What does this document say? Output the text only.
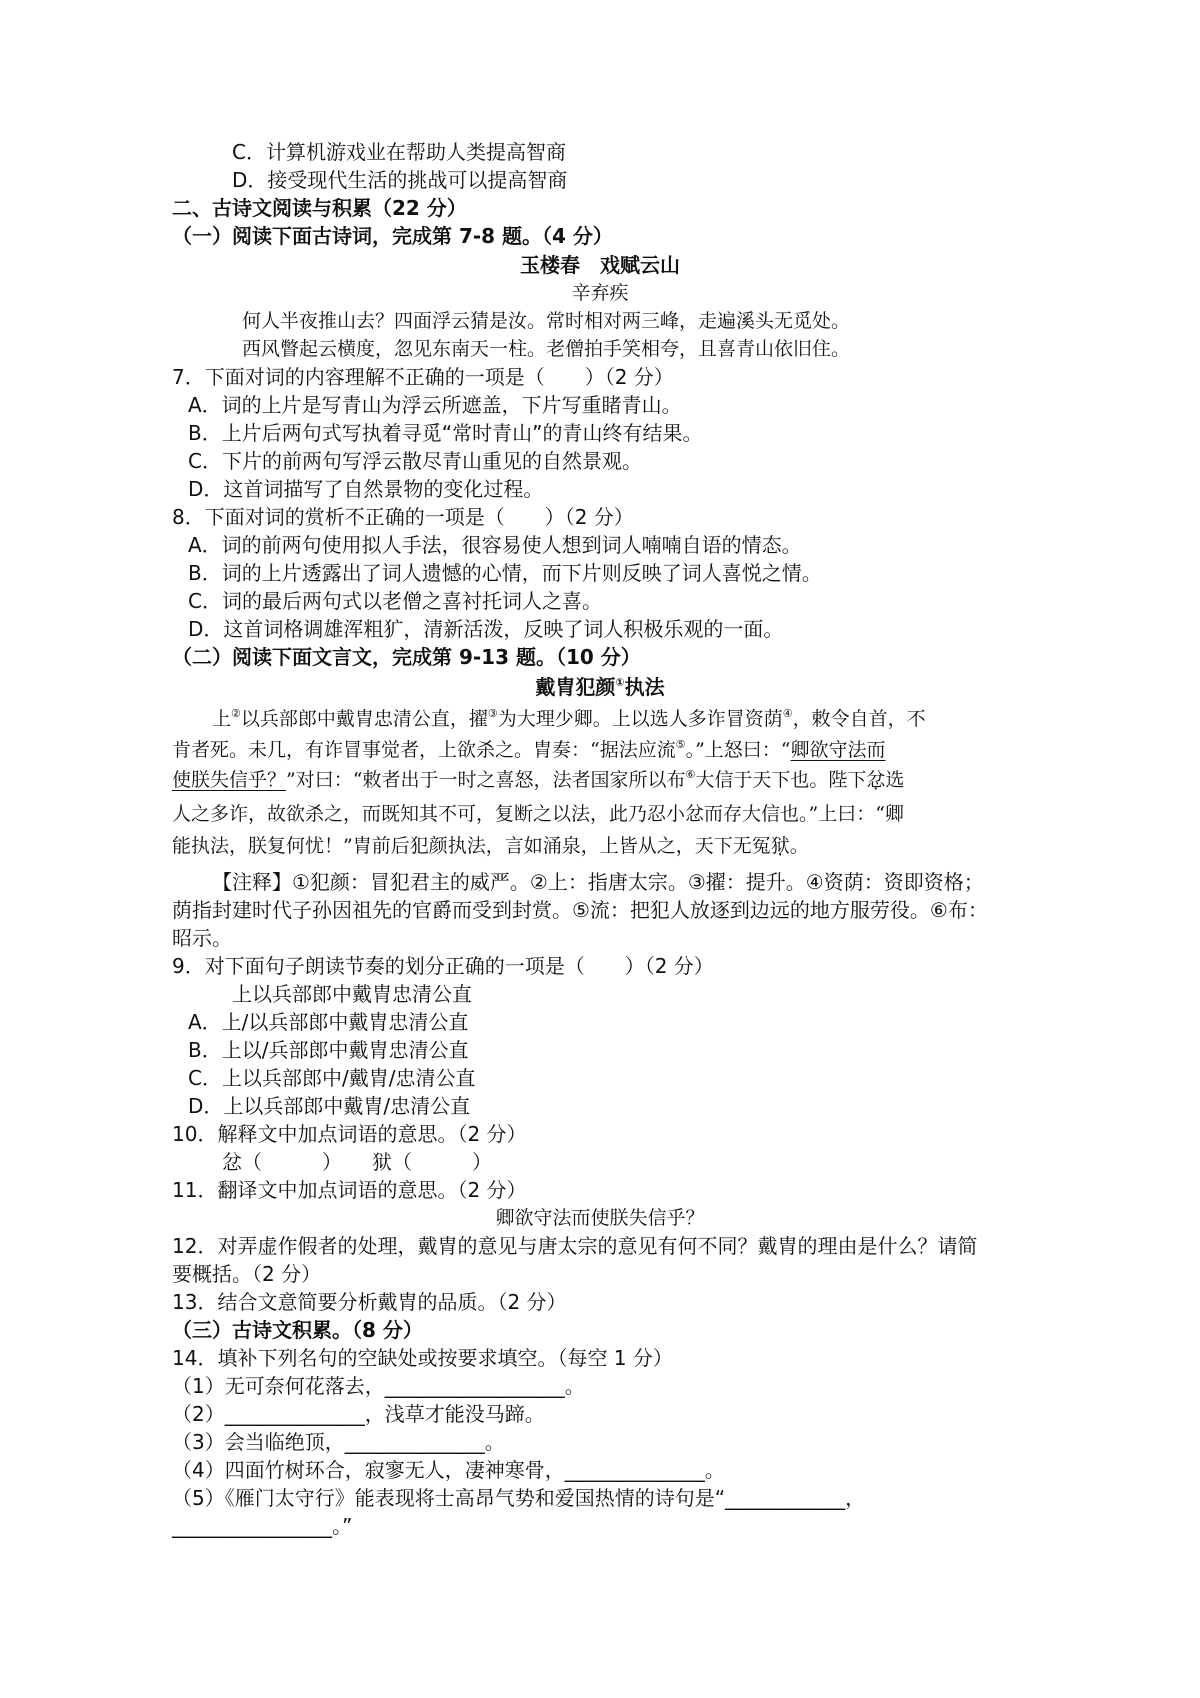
C．计算机游戏业在帮助人类提高智商
D．接受现代生活的挑战可以提高智商
二、古诗文阅读与积累（22 分）
（一）阅读下面古诗词，完成第 7-8 题。（4 分）
玉楼春　戏赋云山
辛弃疾
何人半夜推山去？四面浮云猜是汝。常时相对两三峰，走遍溪头无觅处。
西风瞥起云横度，忽见东南天一柱。老僧拍手笑相夸，且喜青山依旧住。
7．下面对词的内容理解不正确的一项是（　　）（2 分）
A．词的上片是写青山为浮云所遮盖，下片写重睹青山。
B．上片后两句式写执着寻觅“常时青山”的青山终有结果。
C．下片的前两句写浮云散尽青山重见的自然景观。
D．这首词描写了自然景物的变化过程。
8．下面对词的赏析不正确的一项是（　　）（2 分）
A．词的前两句使用拟人手法，很容易使人想到词人喃喃自语的情态。
B．词的上片透露出了词人遗憾的心情，而下片则反映了词人喜悦之情。
C．词的最后两句式以老僧之喜衬托词人之喜。
D．这首词格调雄浑粗犷，清新活泼，反映了词人积极乐观的一面。
（二）阅读下面文言文，完成第 9-13 题。（10 分）
戴胄犯颜①执法
上②以兵部郎中戴胄忠清公直，擢③为大理少卿。上以选人多诈冒资荫④，敕令自首，不
肯者死。未几，有诈冒事觉者，上欲杀之。胄奏：“据法应流⑤。”上怒曰：“卿欲守法而
使朕失信乎？”对曰：“敕者出于一时之喜怒，法者国家所以布⑥大信于天下也。陛下忿选
人之多诈，故欲杀之，而既知其不可，复断之以法，此乃忍小忿而存大信也。”上曰：“卿
能执法，朕复何忧！”胄前后犯颜执法，言如涌泉，上皆从之，天下无冤狱。
【注释】①犯颜：冒犯君主的威严。②上：指唐太宗。③擢：提升。④资荫：资即资格；
荫指封建时代子孙因祖先的官爵而受到封赏。⑤流：把犯人放逐到边远的地方服劳役。⑥布：
昭示。
9．对下面句子朗读节奏的划分正确的一项是（　　）（2 分）
上以兵部郎中戴胄忠清公直
A．上/以兵部郎中戴胄忠清公直
B．上以/兵部郎中戴胄忠清公直
C．上以兵部郎中/戴胄/忠清公直
D．上以兵部郎中戴胄/忠清公直
10．解释文中加点词语的意思。（2 分）
忿（　　　）　　狱（　　　）
11．翻译文中加点词语的意思。（2 分）
卿欲守法而使朕失信乎？
12．对弄虚作假者的处理，戴胄的意见与唐太宗的意见有何不同？戴胄的理由是什么？请简
要概括。（2 分）
13．结合文意简要分析戴胄的品质。（2 分）
（三）古诗文积累。（8 分）
14．填补下列名句的空缺处或按要求填空。（每空 1 分）
（1）无可奈何花落去，__________________。
（2）______________，浅草才能没马蹄。
（3）会当临绝顶，______________。
（4）四面竹树环合，寂寥无人，凄神寒骨，______________。
（5）《雁门太守行》能表现将士高昂气势和爱国热情的诗句是“____________，
________________。”
